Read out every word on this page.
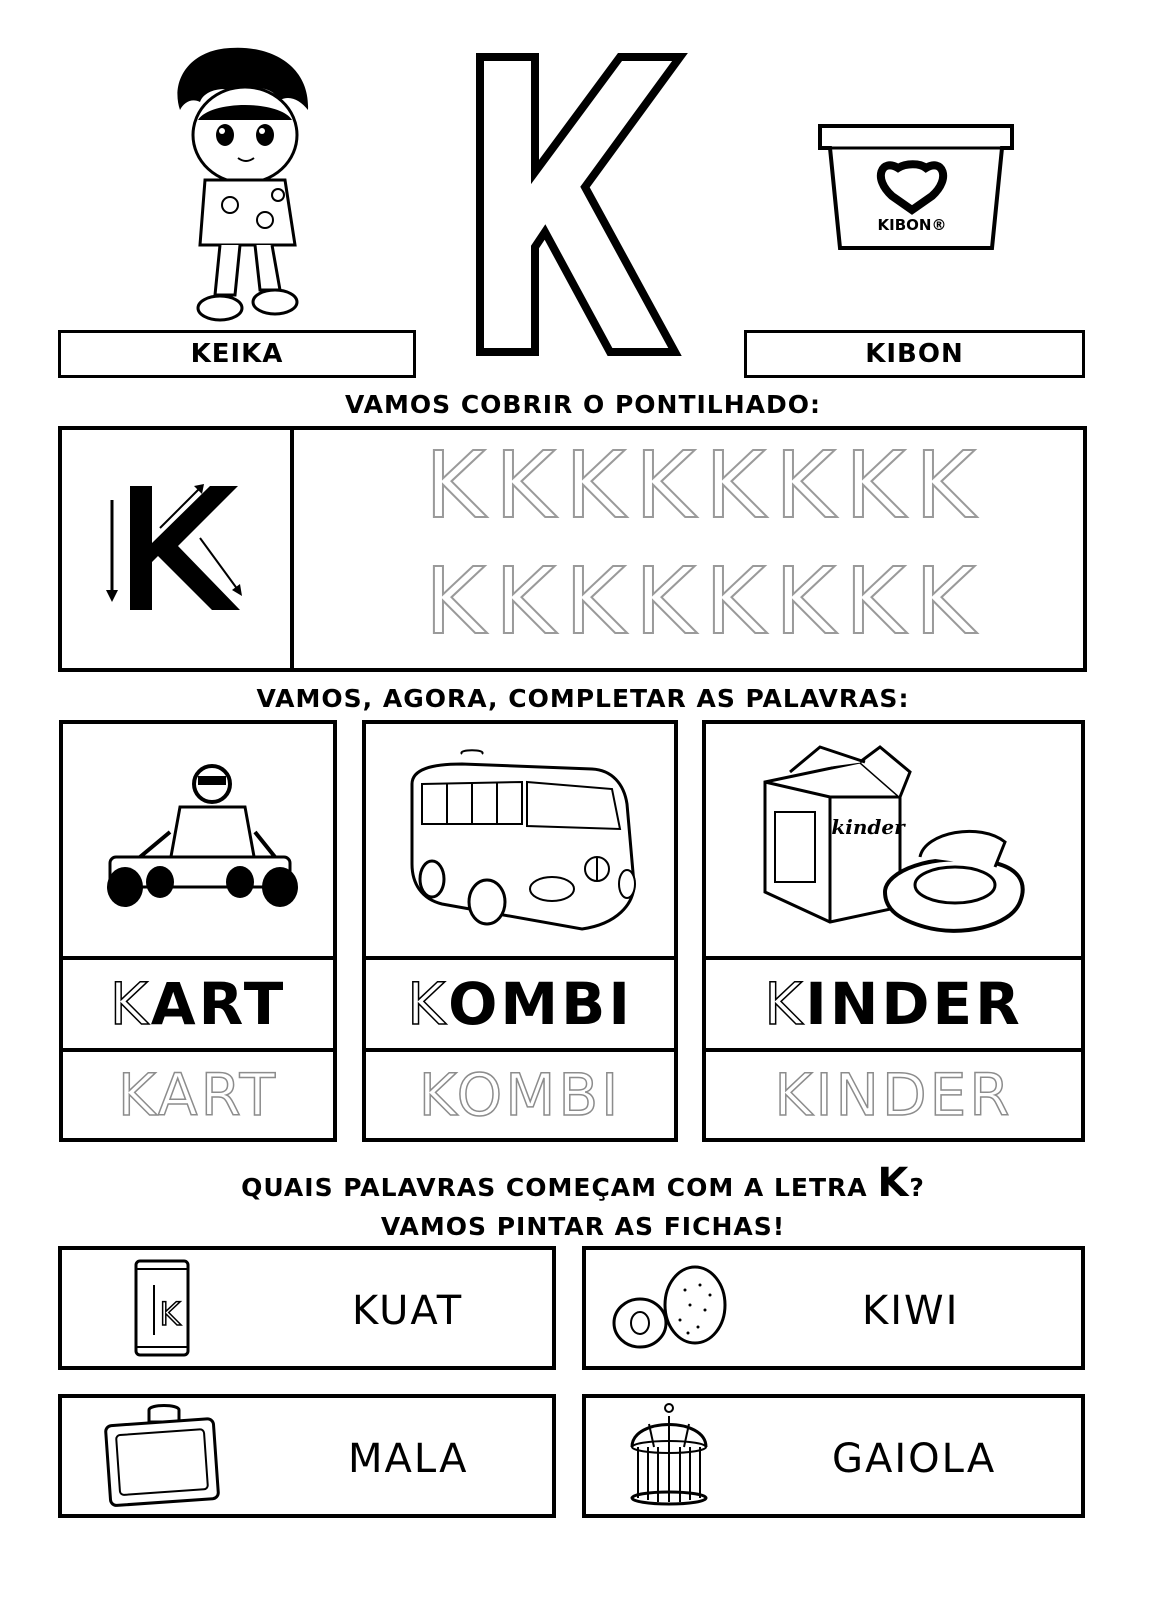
KEIKA
K
KIBON®
KIBON
VAMOS COBRIR O PONTILHADO:
K	K K K K K K K K
K K K K K K K K
VAMOS, AGORA, COMPLETAR AS PALAVRAS:
K ART
KART
K OMBI
KOMBI
kinder
K INDER
KINDER
QUAIS PALAVRAS COMEÇAM COM A LETRA K?
VAMOS PINTAR AS FICHAS!
K	KUAT	KIWI
MALA	GAIOLA
